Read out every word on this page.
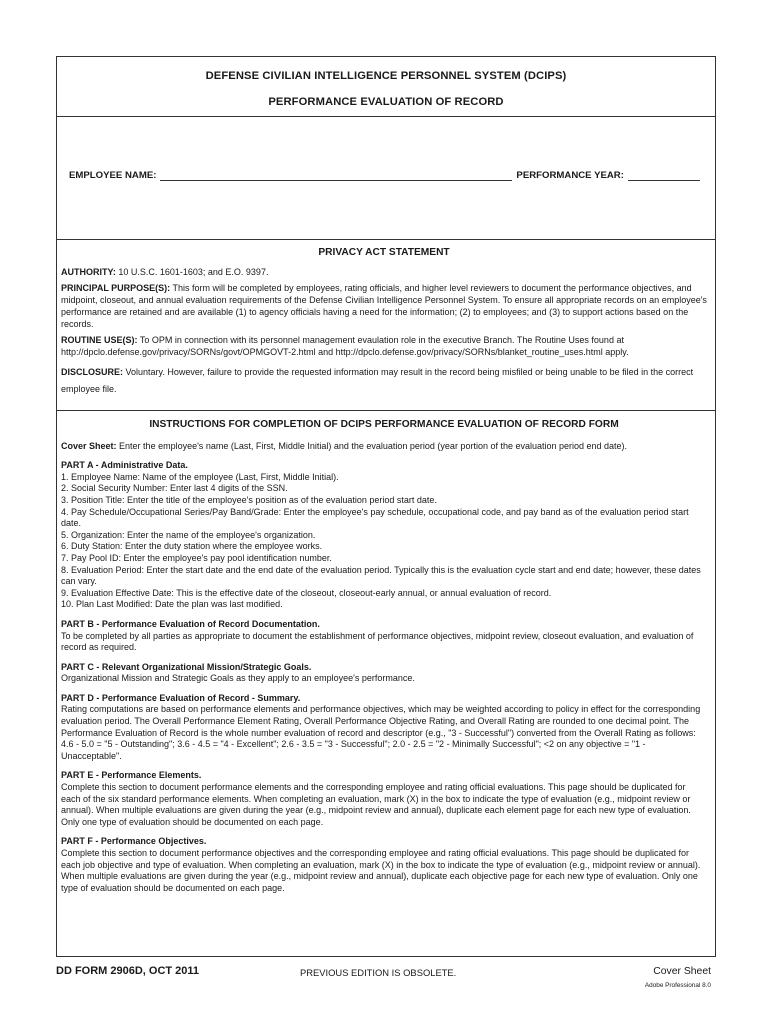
DEFENSE CIVILIAN INTELLIGENCE PERSONNEL SYSTEM (DCIPS)
PERFORMANCE EVALUATION OF RECORD
EMPLOYEE NAME:	PERFORMANCE YEAR:
PRIVACY ACT STATEMENT

AUTHORITY: 10 U.S.C. 1601-1603; and E.O. 9397.

PRINCIPAL PURPOSE(S): This form will be completed by employees, rating officials, and higher level reviewers to document the performance objectives, and midpoint, closeout, and annual evaluation requirements of the Defense Civilian Intelligence Personnel System. To ensure all appropriate records on an employee's performance are retained and are available (1) to agency officials having a need for the information; (2) to employees; and (3) to support actions based on the records.

ROUTINE USE(S): To OPM in connection with its personnel management evaulation role in the executive Branch. The Routine Uses found at http://dpclo.defense.gov/privacy/SORNs/govt/OPMGOVT-2.html and http://dpclo.defense.gov/privacy/SORNs/blanket_routine_uses.html apply.

DISCLOSURE: Voluntary. However, failure to provide the requested information may result in the record being misfiled or being unable to be filed in the correct employee file.

INSTRUCTIONS FOR COMPLETION OF DCIPS PERFORMANCE EVALUATION OF RECORD FORM

Cover Sheet: Enter the employee's name (Last, First, Middle Initial) and the evaluation period (year portion of the evaluation period end date).

PART A - Administrative Data.
1. Employee Name: Name of the employee (Last, First, Middle Initial).
2. Social Security Number: Enter last 4 digits of the SSN.
3. Position Title: Enter the title of the employee's position as of the evaluation period start date.
4. Pay Schedule/Occupational Series/Pay Band/Grade: Enter the employee's pay schedule, occupational code, and pay band as of the evaluation period start date.
5. Organization: Enter the name of the employee's organization.
6. Duty Station: Enter the duty station where the employee works.
7. Pay Pool ID: Enter the employee's pay pool identification number.
8. Evaluation Period: Enter the start date and the end date of the evaluation period. Typically this is the evaluation cycle start and end date; however, these dates can vary.
9. Evaluation Effective Date: This is the effective date of the closeout, closeout-early annual, or annual evaluation of record.
10. Plan Last Modified: Date the plan was last modified.

PART B - Performance Evaluation of Record Documentation.
To be completed by all parties as appropriate to document the establishment of performance objectives, midpoint review, closeout evaluation, and evaluation of record as required.

PART C - Relevant Organizational Mission/Strategic Goals.
Organizational Mission and Strategic Goals as they apply to an employee's performance.

PART D - Performance Evaluation of Record - Summary.
Rating computations are based on performance elements and performance objectives, which may be weighted according to policy in effect for the corresponding evaluation period. The Overall Performance Element Rating, Overall Performance Objective Rating, and Overall Rating are rounded to one decimal point. The Performance Evaluation of Record is the whole number evaluation of record and descriptor (e.g., "3 - Successful") converted from the Overall Rating as follows: 4.6 - 5.0 = "5 - Outstanding"; 3.6 - 4.5 = "4 - Excellent"; 2.6 - 3.5 = "3 - Successful"; 2.0 - 2.5 = "2 - Minimally Successful"; <2 on any objective = "1 - Unacceptable".

PART E - Performance Elements.
Complete this section to document performance elements and the corresponding employee and rating official evaluations. This page should be duplicated for each of the six standard performance elements. When completing an evaluation, mark (X) in the box to indicate the type of evaluation (e.g., midpoint review or annual). When multiple evaluations are given during the year (e.g., midpoint review and annual), duplicate each element page for each new type of evaluation. Only one type of evaluation should be documented on each page.

PART F - Performance Objectives.
Complete this section to document performance objectives and the corresponding employee and rating official evaluations. This page should be duplicated for each job objective and type of evaluation. When completing an evaluation, mark (X) in the box to indicate the type of evaluation (e.g., midpoint review or annual). When multiple evaluations are given during the year (e.g., midpoint review and annual), duplicate each objective page for each new type of evaluation. Only one type of evaluation should be documented on each page.

DD FORM 2906D, OCT 2011	PREVIOUS EDITION IS OBSOLETE.	Cover Sheet
Adobe Professional 8.0
